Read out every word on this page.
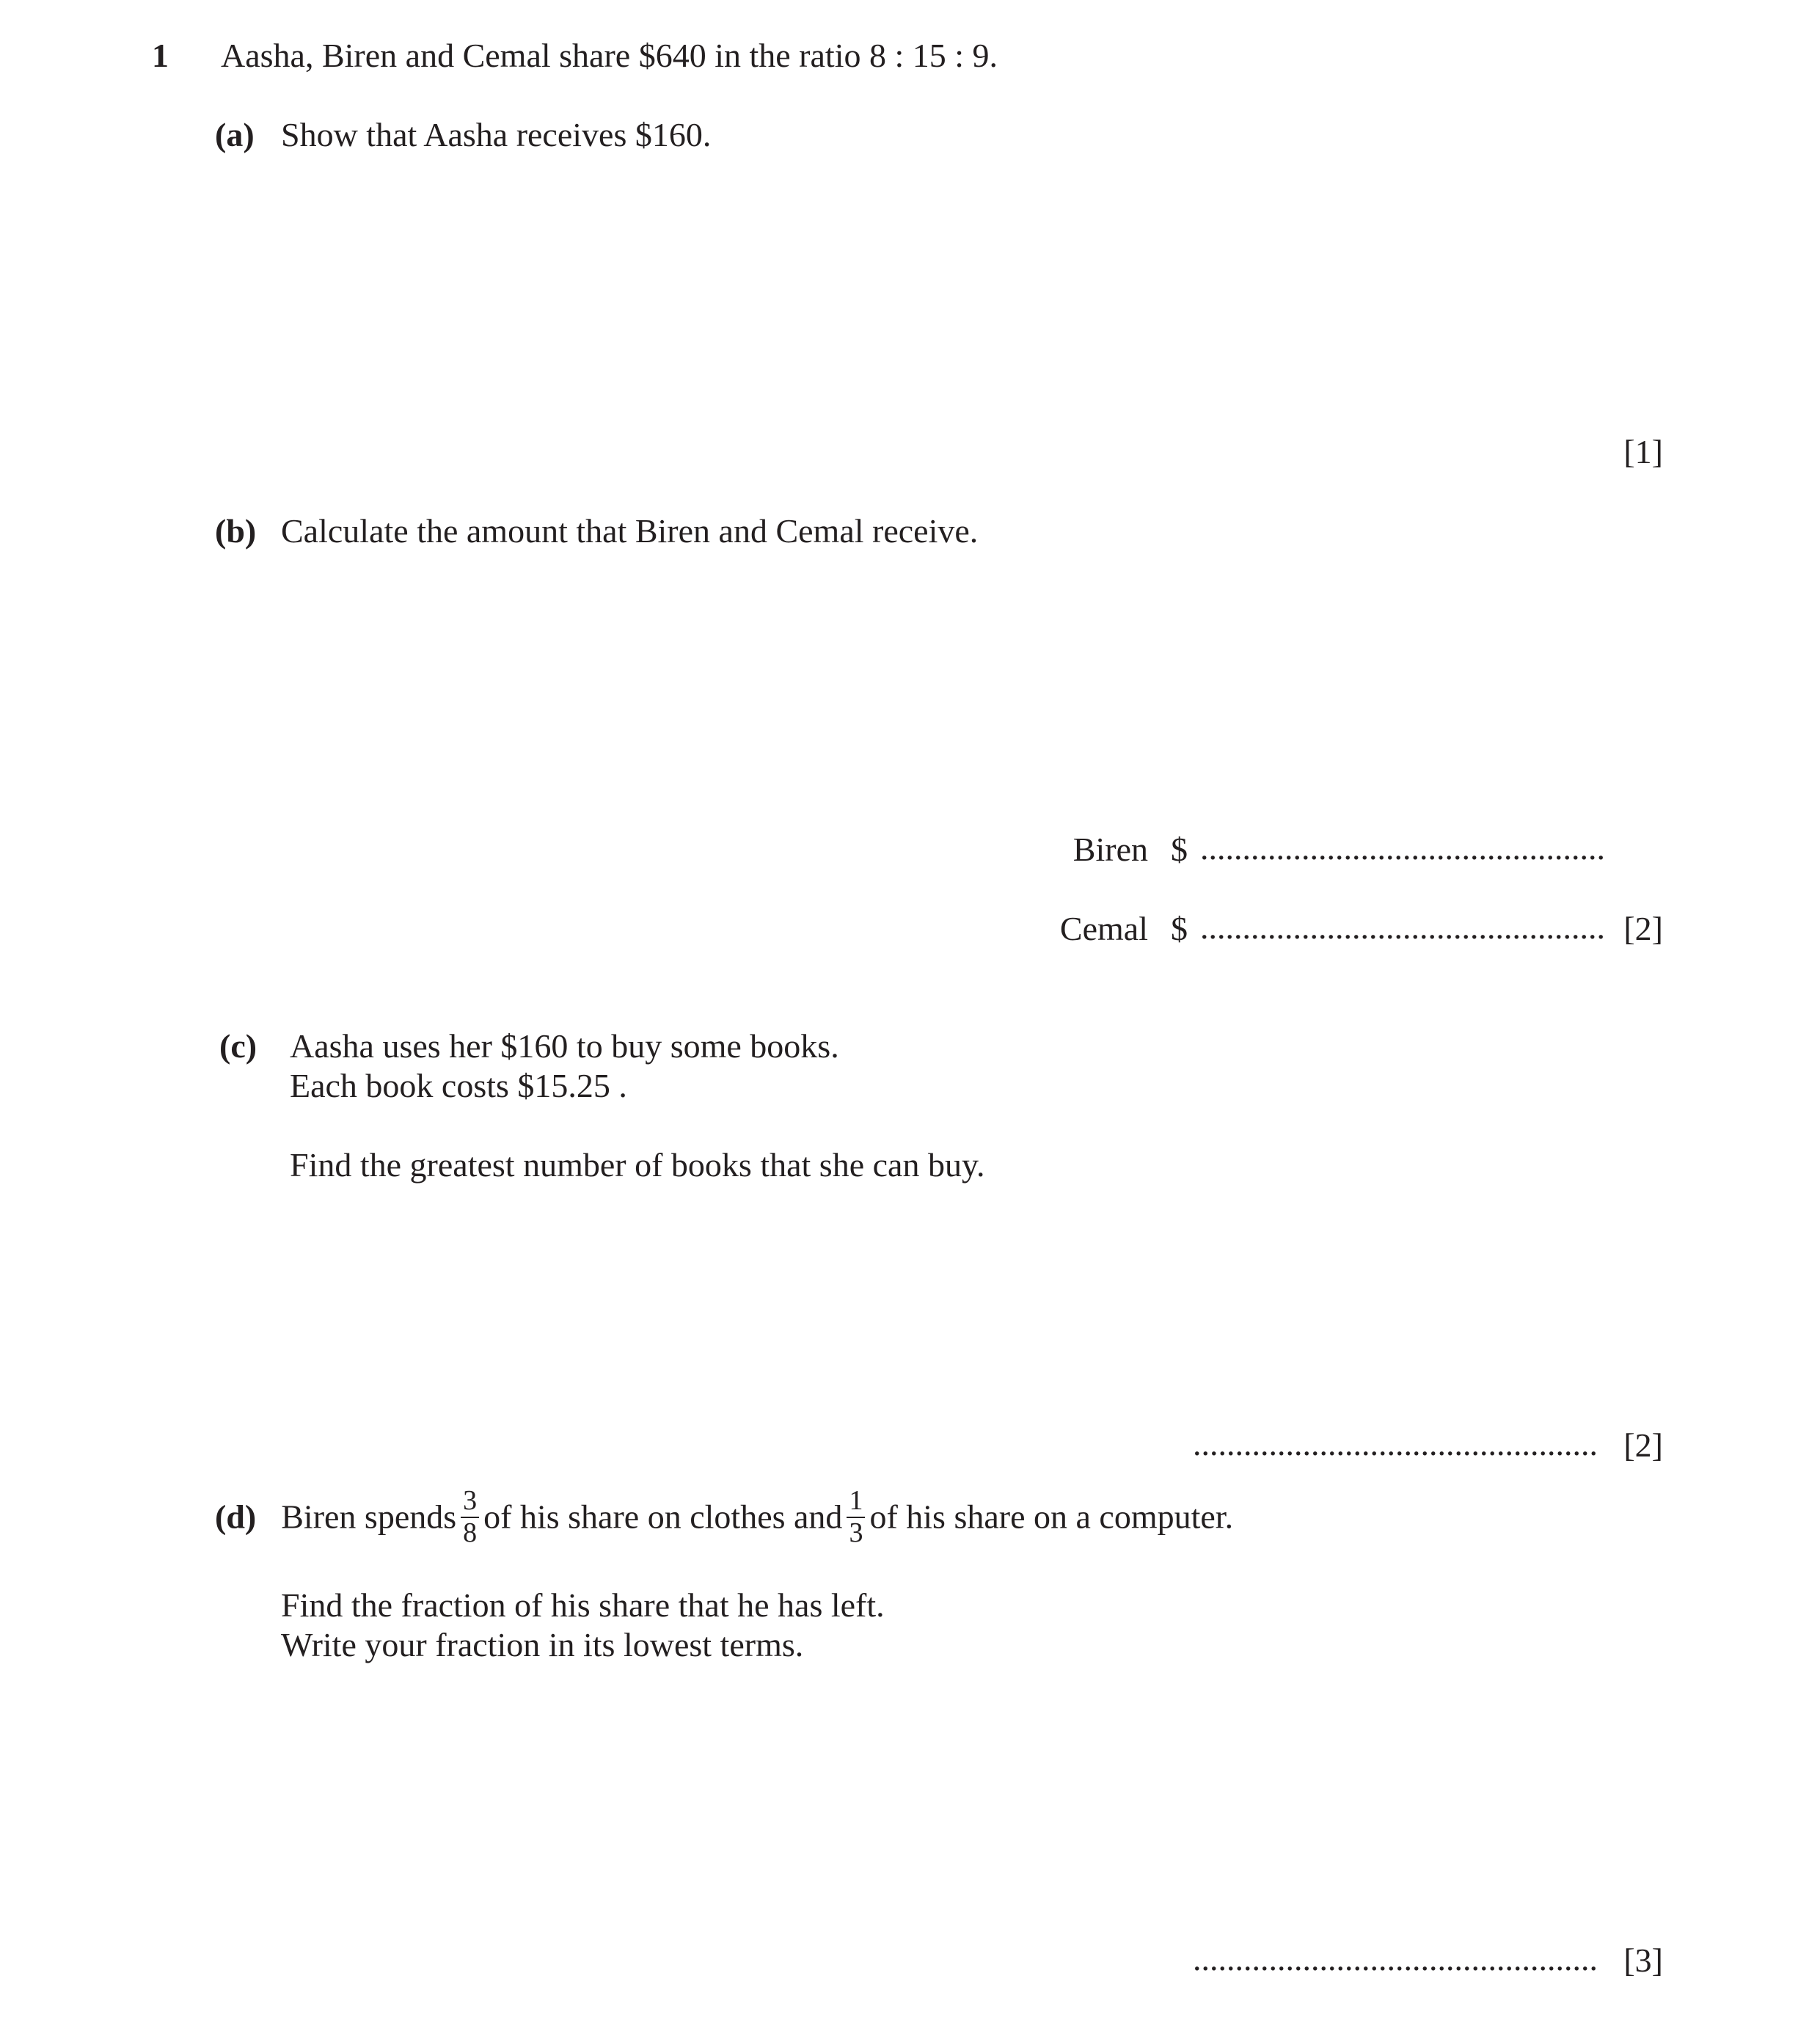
1 Aasha, Biren and Cemal share $640 in the ratio 8 : 15 : 9.
(a) Show that Aasha receives $160.
[1]
(b) Calculate the amount that Biren and Cemal receive.
Biren $ ................................................
Cemal $ ................................................ [2]
(c) Aasha uses her $160 to buy some books.
Each book costs $15.25 .
Find the greatest number of books that she can buy.
................................................ [2]
(d) Biren spends $\frac{3}{8}$ of his share on clothes and $\frac{1}{3}$ of his share on a computer.
Find the fraction of his share that he has left.
Write your fraction in its lowest terms.
................................................ [3]
